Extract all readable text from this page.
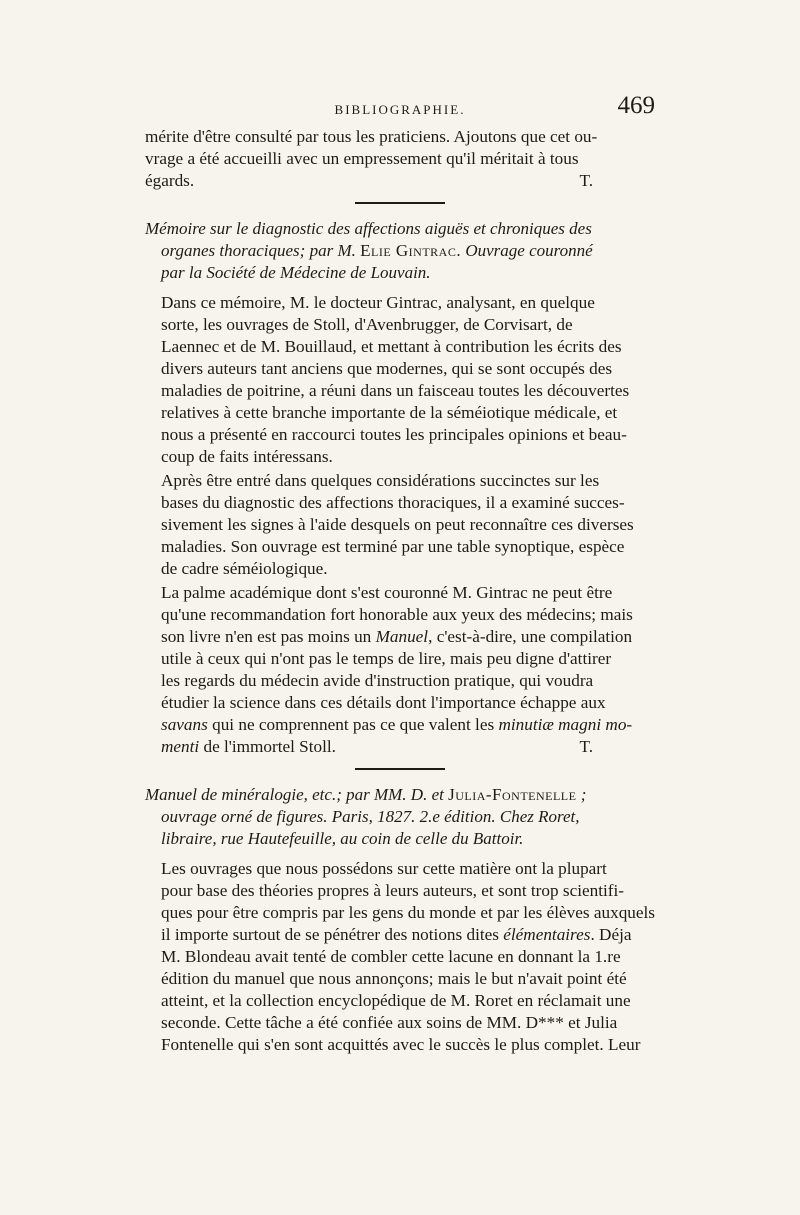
BIBLIOGRAPHIE.	469

mérite d'être consulté par tous les praticiens. Ajoutons que cet ou-
vrage a été accueilli avec un empressement qu'il méritait à tous
égards.	T.

Mémoire sur le diagnostic des affections aiguës et chroniques des
organes thoraciques; par M. Elie Gintrac. Ouvrage couronné
par la Société de Médecine de Louvain.

Dans ce mémoire, M. le docteur Gintrac, analysant, en quelque
sorte, les ouvrages de Stoll, d'Avenbrugger, de Corvisart, de
Laennec et de M. Bouillaud, et mettant à contribution les écrits des
divers auteurs tant anciens que modernes, qui se sont occupés des
maladies de poitrine, a réuni dans un faisceau toutes les découvertes
relatives à cette branche importante de la séméiotique médicale, et
nous a présenté en raccourci toutes les principales opinions et beau-
coup de faits intéressans.

Après être entré dans quelques considérations succinctes sur les
bases du diagnostic des affections thoraciques, il a examiné succes-
sivement les signes à l'aide desquels on peut reconnaître ces diverses
maladies. Son ouvrage est terminé par une table synoptique, espèce
de cadre séméiologique.

La palme académique dont s'est couronné M. Gintrac ne peut être
qu'une recommandation fort honorable aux yeux des médecins; mais
son livre n'en est pas moins un Manuel, c'est-à-dire, une compilation
utile à ceux qui n'ont pas le temps de lire, mais peu digne d'attirer
les regards du médecin avide d'instruction pratique, qui voudra
étudier la science dans ces détails dont l'importance échappe aux
savans qui ne comprennent pas ce que valent les minutiæ magni mo-
menti de l'immortel Stoll.	T.

Manuel de minéralogie, etc.; par MM. D. et Julia-Fontenelle ;
ouvrage orné de figures. Paris, 1827. 2.e édition. Chez Roret,
libraire, rue Hautefeuille, au coin de celle du Battoir.

Les ouvrages que nous possédons sur cette matière ont la plupart
pour base des théories propres à leurs auteurs, et sont trop scientifi-
ques pour être compris par les gens du monde et par les élèves auxquels
il importe surtout de se pénétrer des notions dites élémentaires. Déja
M. Blondeau avait tenté de combler cette lacune en donnant la 1.re
édition du manuel que nous annonçons; mais le but n'avait point été
atteint, et la collection encyclopédique de M. Roret en réclamait une
seconde. Cette tâche a été confiée aux soins de MM. D*** et Julia
Fontenelle qui s'en sont acquittés avec le succès le plus complet. Leur
